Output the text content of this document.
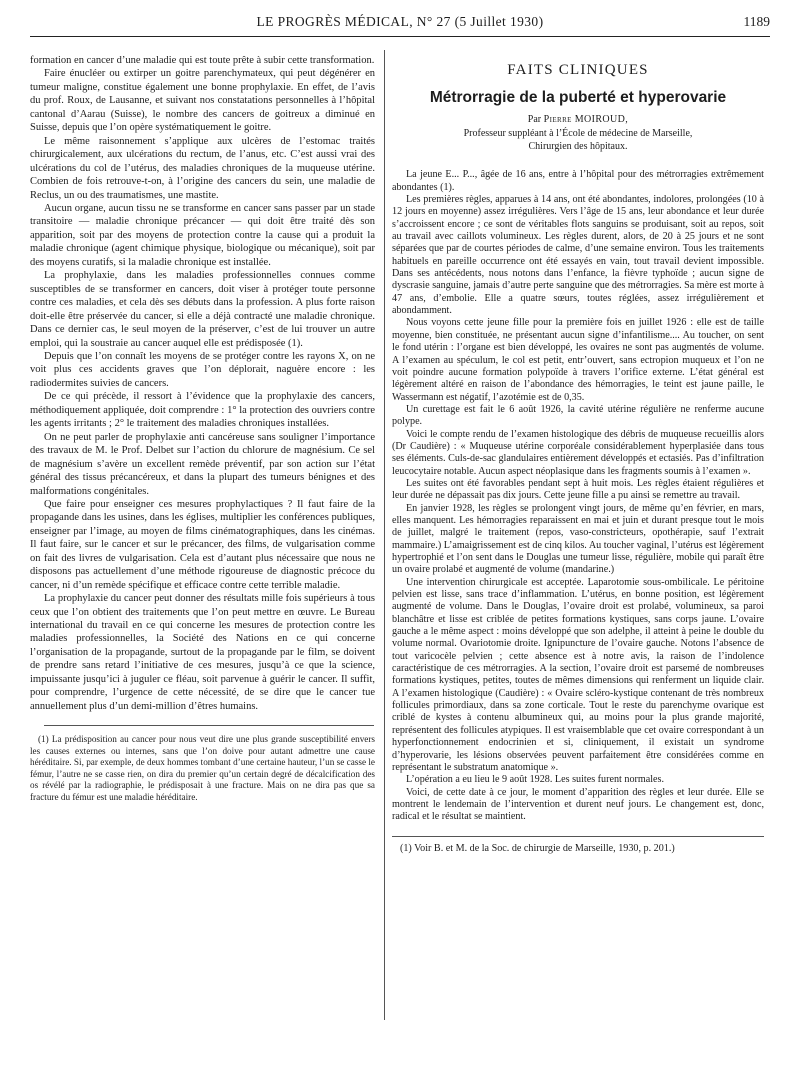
LE PROGRÈS MÉDICAL, N° 27 (5 Juillet 1930)	1189

formation en cancer d’une maladie qui est toute prête à subir cette transformation.

Faire énucléer ou extirper un goitre parenchymateux, qui peut dégénérer en tumeur maligne, constitue également une bonne prophylaxie. En effet, de l’avis du prof. Roux, de Lausanne, et suivant nos constatations personnelles à l’hôpital cantonal d’Aarau (Suisse), le nombre des cancers de goitreux a diminué en Suisse, depuis que l’on opère systématiquement le goitre.

Le même raisonnement s’applique aux ulcères de l’estomac traités chirurgicalement, aux ulcérations du rectum, de l’anus, etc. C’est aussi vrai des ulcérations du col de l’utérus, des maladies chroniques de la muqueuse utérine. Combien de fois retrouve-t-on, à l’origine des cancers du sein, une maladie de Reclus, un ou des traumatismes, une mastite.

Aucun organe, aucun tissu ne se transforme en cancer sans passer par un stade transitoire — maladie chronique précancer — qui doit être traité dès son apparition, soit par des moyens de protection contre la cause qui a produit la maladie chronique (agent chimique physique, biologique ou mécanique), soit par des moyens curatifs, si la maladie chronique est installée.

La prophylaxie, dans les maladies professionnelles connues comme susceptibles de se transformer en cancers, doit viser à protéger toute personne contre ces maladies, et cela dès ses débuts dans la profession. A plus forte raison doit-elle être préservée du cancer, si elle a déjà contracté une maladie chronique. Dans ce dernier cas, le seul moyen de la préserver, c’est de lui trouver un autre emploi, qui la soustraie au cancer auquel elle est prédisposée (1).

Depuis que l’on connaît les moyens de se protéger contre les rayons X, on ne voit plus ces accidents graves que l’on déplorait, naguère encore : les radiodermites suivies de cancers.

De ce qui précède, il ressort à l’évidence que la prophylaxie des cancers, méthodiquement appliquée, doit comprendre : 1° la protection des ouvriers contre les agents irritants ; 2° le traitement des maladies chroniques installées.

On ne peut parler de prophylaxie anti cancéreuse sans souligner l’importance des travaux de M. le Prof. Delbet sur l’action du chlorure de magnésium. Ce sel de magnésium s’avère un excellent remède préventif, par son action sur l’état général des tissus précancéreux, et dans la plupart des tumeurs bénignes et des malformations congénitales.

Que faire pour enseigner ces mesures prophylactiques ? Il faut faire de la propagande dans les usines, dans les églises, multiplier les conférences publiques, enseigner par l’image, au moyen de films cinématographiques, dans les cinémas. Il faut faire, sur le cancer et sur le précancer, des films, de vulgarisation comme on fait des livres de vulgarisation. Cela est d’autant plus nécessaire que nous ne disposons pas actuellement d’une méthode rigoureuse de diagnostic précoce du cancer, ni d’un remède spécifique et efficace contre cette terrible maladie.

La prophylaxie du cancer peut donner des résultats mille fois supérieurs à tous ceux que l’on obtient des traitements que l’on peut mettre en œuvre. Le Bureau international du travail en ce qui concerne les mesures de protection contre les maladies professionnelles, la Société des Nations en ce qui concerne l’organisation de la propagande, surtout de la propagande par le film, se doivent de prendre sans retard l’initiative de ces mesures, jusqu’à ce que la science, impuissante jusqu’ici à juguler ce fléau, soit parvenue à guérir le cancer. Il suffit, pour comprendre, l’urgence de cette nécessité, de se dire que le cancer tue annuellement plus d’un demi-million d’êtres humains.

(1) La prédisposition au cancer pour nous veut dire une plus grande susceptibilité envers les causes externes ou internes, sans que l’on doive pour autant admettre une cause héréditaire. Si, par exemple, de deux hommes tombant d’une certaine hauteur, l’un se casse le fémur, l’autre ne se casse rien, on dira du premier qu’un certain degré de décalcification des os révélé par la radiographie, le prédisposait à une fracture. Mais on ne dira pas que sa fracture du fémur est une maladie héréditaire.

FAITS CLINIQUES
Métrorragie de la puberté et hyperovarie
Par Pierre MOIROUD,
Professeur suppléant à l’École de médecine de Marseille,
Chirurgien des hôpitaux.

La jeune E... P..., âgée de 16 ans, entre à l’hôpital pour des métrorragies extrêmement abondantes (1).

Les premières règles, apparues à 14 ans, ont été abondantes, indolores, prolongées (10 à 12 jours en moyenne) assez irrégulières. Vers l’âge de 15 ans, leur abondance et leur durée s’accroissent encore ; ce sont de véritables flots sanguins se produisant, soit au repos, soit au travail avec caillots volumineux. Les règles durent, alors, de 20 à 25 jours et ne sont séparées que par de courtes périodes de calme, d’une semaine environ. Tous les traitements habituels en pareille occurrence ont été essayés en vain, tout travail devient impossible. Dans ses antécédents, nous notons dans l’enfance, la fièvre typhoïde ; aucun signe de dyscrasie sanguine, jamais d’autre perte sanguine que des métrorragies. Sa mère est morte à 47 ans, d’embolie. Elle a quatre sœurs, toutes réglées, assez irrégulièrement et abondamment.

Nous voyons cette jeune fille pour la première fois en juillet 1926 : elle est de taille moyenne, bien constituée, ne présentant aucun signe d’infantilisme.... Au toucher, on sent le fond utérin : l’organe est bien développé, les ovaires ne sont pas augmentés de volume. A l’examen au spéculum, le col est petit, entr’ouvert, sans ectropion muqueux et l’on ne voit poindre aucune formation polypoïde à travers l’orifice externe. L’état général est légèrement altéré en raison de l’abondance des hémorragies, le teint est jaune paille, le Wassermann est négatif, l’azotémie est de 0,35.

Un curettage est fait le 6 août 1926, la cavité utérine régulière ne renferme aucune polype.

Voici le compte rendu de l’examen histologique des débris de muqueuse recueillis alors (Dr Caudière) : « Muqueuse utérine corporéale considérablement hyperplasiée dans tous ses éléments. Culs-de-sac glandulaires entièrement développés et ectasiés. Pas d’infiltration leucocytaire notable. Aucun aspect néoplasique dans les fragments soumis à l’examen ».

Les suites ont été favorables pendant sept à huit mois. Les règles étaient régulières et leur durée ne dépassait pas dix jours. Cette jeune fille a pu ainsi se remettre au travail.

En janvier 1928, les règles se prolongent vingt jours, de même qu’en février, en mars, elles manquent. Les hémorragies reparaissent en mai et juin et durant presque tout le mois de juillet, malgré le traitement (repos, vaso-constricteurs, opothérapie, sauf l’extrait mammaire.) L’amaigrissement est de cinq kilos. Au toucher vaginal, l’utérus est légèrement hypertrophié et l’on sent dans le Douglas une tumeur lisse, régulière, mobile qui paraît être un ovaire prolabé et augmenté de volume (mandarine.)

Une intervention chirurgicale est acceptée. Laparotomie sous-ombilicale. Le péritoine pelvien est lisse, sans trace d’inflammation. L’utérus, en bonne position, est légèrement augmenté de volume. Dans le Douglas, l’ovaire droit est prolabé, volumineux, sa paroi blanchâtre et lisse est criblée de petites formations kystiques, sans corps jaune. L’ovaire gauche a le même aspect : moins développé que son adelphe, il atteint à peine le double du volume normal. Ovariotomie droite. Ignipuncture de l’ovaire gauche. Notons l’absence de tout varicocèle pelvien ; cette absence est à notre avis, la raison de l’indolence caractéristique de ces métrorragies. A la section, l’ovaire droit est parsemé de nombreuses formations kystiques, petites, toutes de mêmes dimensions qui renferment un liquide clair. A l’examen histologique (Caudière) : « Ovaire scléro-kystique contenant de très nombreux follicules primordiaux, dans sa zone corticale. Tout le reste du parenchyme ovarique est criblé de kystes à contenu albumineux qui, au moins pour la plus grande majorité, représentent des follicules atypiques. Il est vraisemblable que cet ovaire correspondant à un hyperfonctionnement endocrinien et si, cliniquement, il existait un syndrome d’hyperovarie, les lésions observées peuvent parfaitement être considérées comme en représentant le substratum anatomique ».

L’opération a eu lieu le 9 août 1928. Les suites furent normales.

Voici, de cette date à ce jour, le moment d’apparition des règles et leur durée. Elle se montrent le lendemain de l’intervention et durent neuf jours. Le changement est, donc, radical et le résultat se maintient.

(1) Voir B. et M. de la Soc. de chirurgie de Marseille, 1930, p. 201.)
